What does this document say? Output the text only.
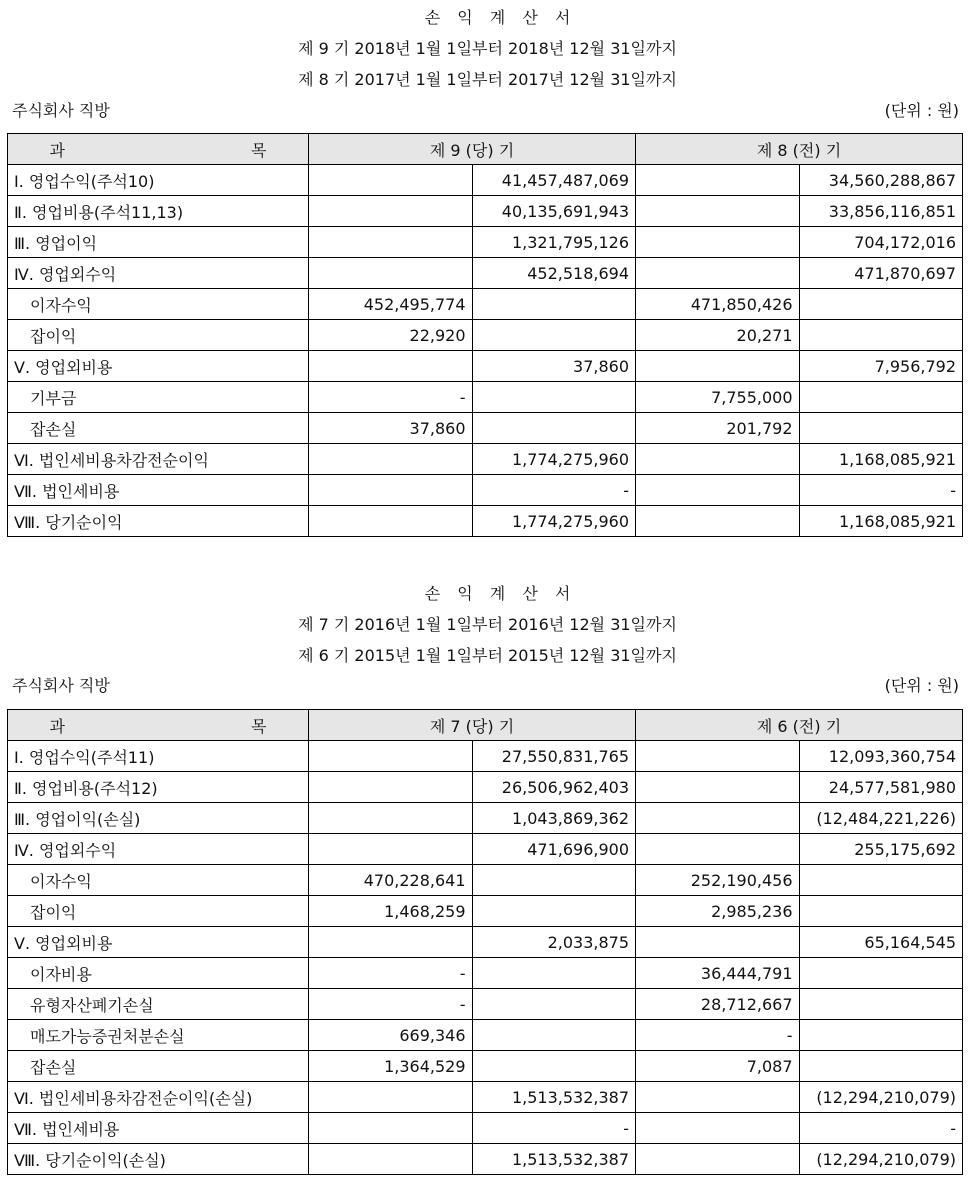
손 익 계 산 서
제 9 기 2018년 1월 1일부터 2018년 12월 31일까지
제 8 기 2017년 1월 1일부터 2017년 12월 31일까지
주식회사 직방	(단위 : 원)
과 목	제 9 (당) 기		제 8 (전) 기	
Ⅰ. 영업수익(주석10)		41,457,487,069		34,560,288,867
Ⅱ. 영업비용(주석11,13)		40,135,691,943		33,856,116,851
Ⅲ. 영업이익		1,321,795,126		704,172,016
Ⅳ. 영업외수익		452,518,694		471,870,697
이자수익	452,495,774		471,850,426	
잡이익	22,920		20,271	
Ⅴ. 영업외비용		37,860		7,956,792
기부금	-		7,755,000	
잡손실	37,860		201,792	
Ⅵ. 법인세비용차감전순이익		1,774,275,960		1,168,085,921
Ⅶ. 법인세비용		-		-
Ⅷ. 당기순이익		1,774,275,960		1,168,085,921
손 익 계 산 서
제 7 기 2016년 1월 1일부터 2016년 12월 31일까지
제 6 기 2015년 1월 1일부터 2015년 12월 31일까지
주식회사 직방	(단위 : 원)
과 목	제 7 (당) 기		제 6 (전) 기	
Ⅰ. 영업수익(주석11)		27,550,831,765		12,093,360,754
Ⅱ. 영업비용(주석12)		26,506,962,403		24,577,581,980
Ⅲ. 영업이익(손실)		1,043,869,362		(12,484,221,226)
Ⅳ. 영업외수익		471,696,900		255,175,692
이자수익	470,228,641		252,190,456	
잡이익	1,468,259		2,985,236	
Ⅴ. 영업외비용		2,033,875		65,164,545
이자비용	-		36,444,791	
유형자산폐기손실	-		28,712,667	
매도가능증권처분손실	669,346		-	
잡손실	1,364,529		7,087	
Ⅵ. 법인세비용차감전순이익(손실)		1,513,532,387		(12,294,210,079)
Ⅶ. 법인세비용		-		-
Ⅷ. 당기순이익(손실)		1,513,532,387		(12,294,210,079)
